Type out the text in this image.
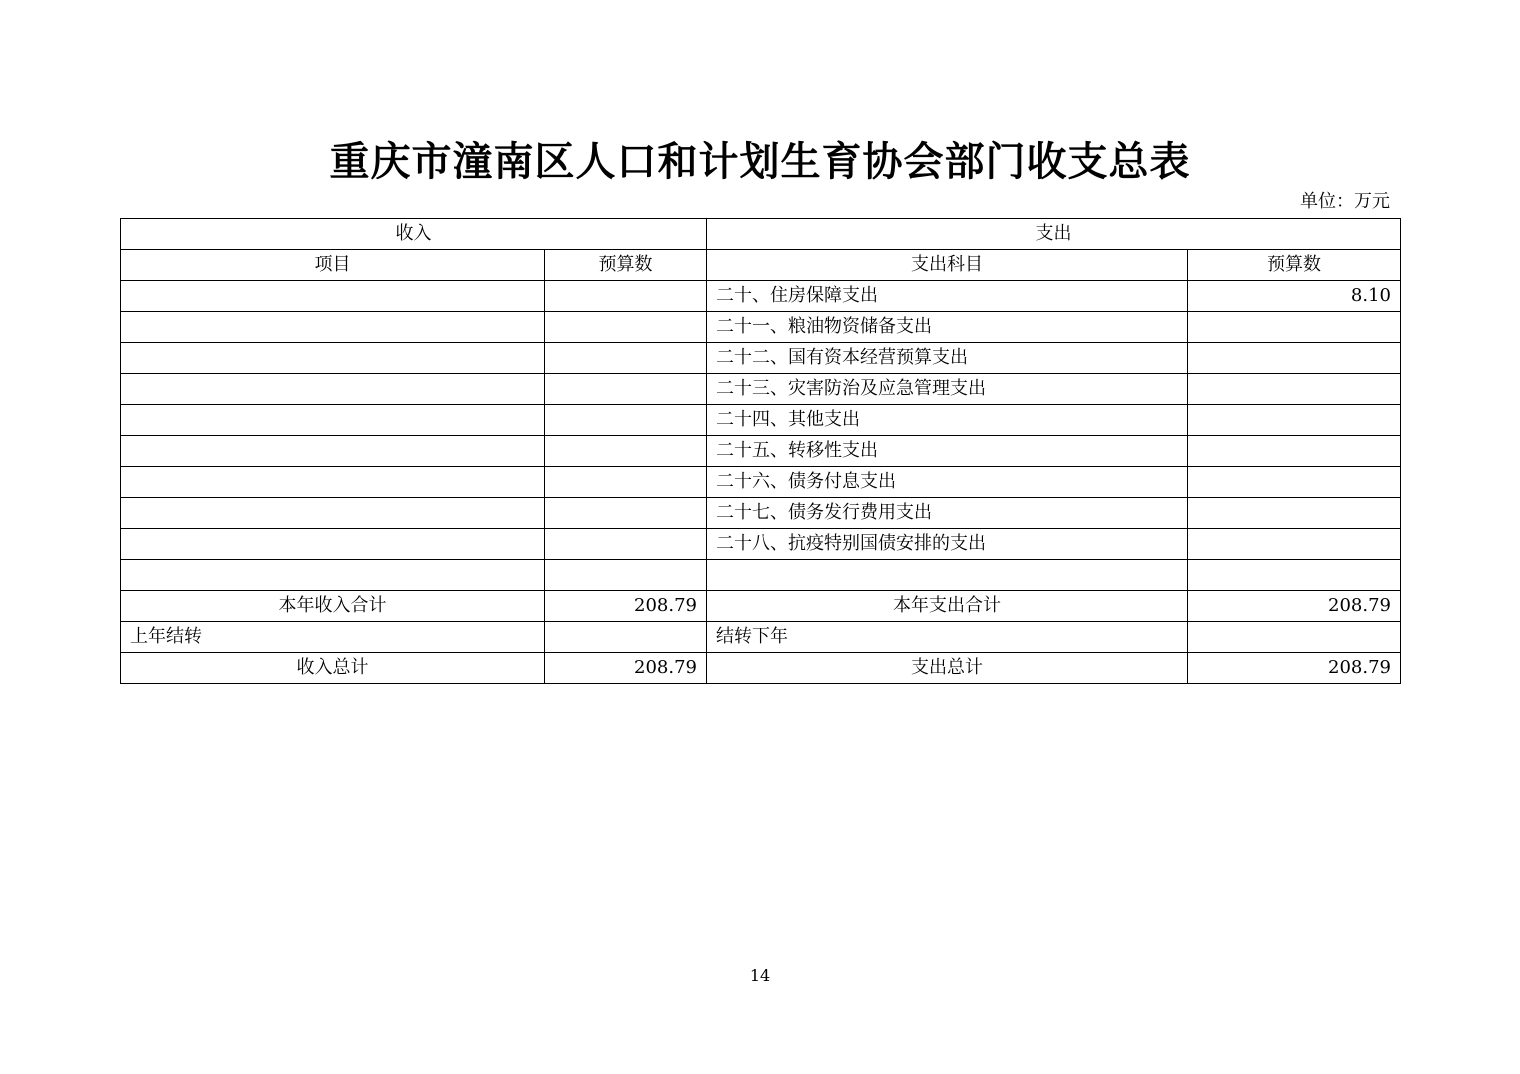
重庆市潼南区人口和计划生育协会部门收支总表
单位：万元
收入		支出	
项目	预算数	支出科目	预算数
		二十、住房保障支出	8.10
		二十一、粮油物资储备支出	
		二十二、国有资本经营预算支出	
		二十三、灾害防治及应急管理支出	
		二十四、其他支出	
		二十五、转移性支出	
		二十六、债务付息支出	
		二十七、债务发行费用支出	
		二十八、抗疫特别国债安排的支出	

本年收入合计	208.79	本年支出合计	208.79
上年结转		结转下年	
收入总计	208.79	支出总计	208.79
14
